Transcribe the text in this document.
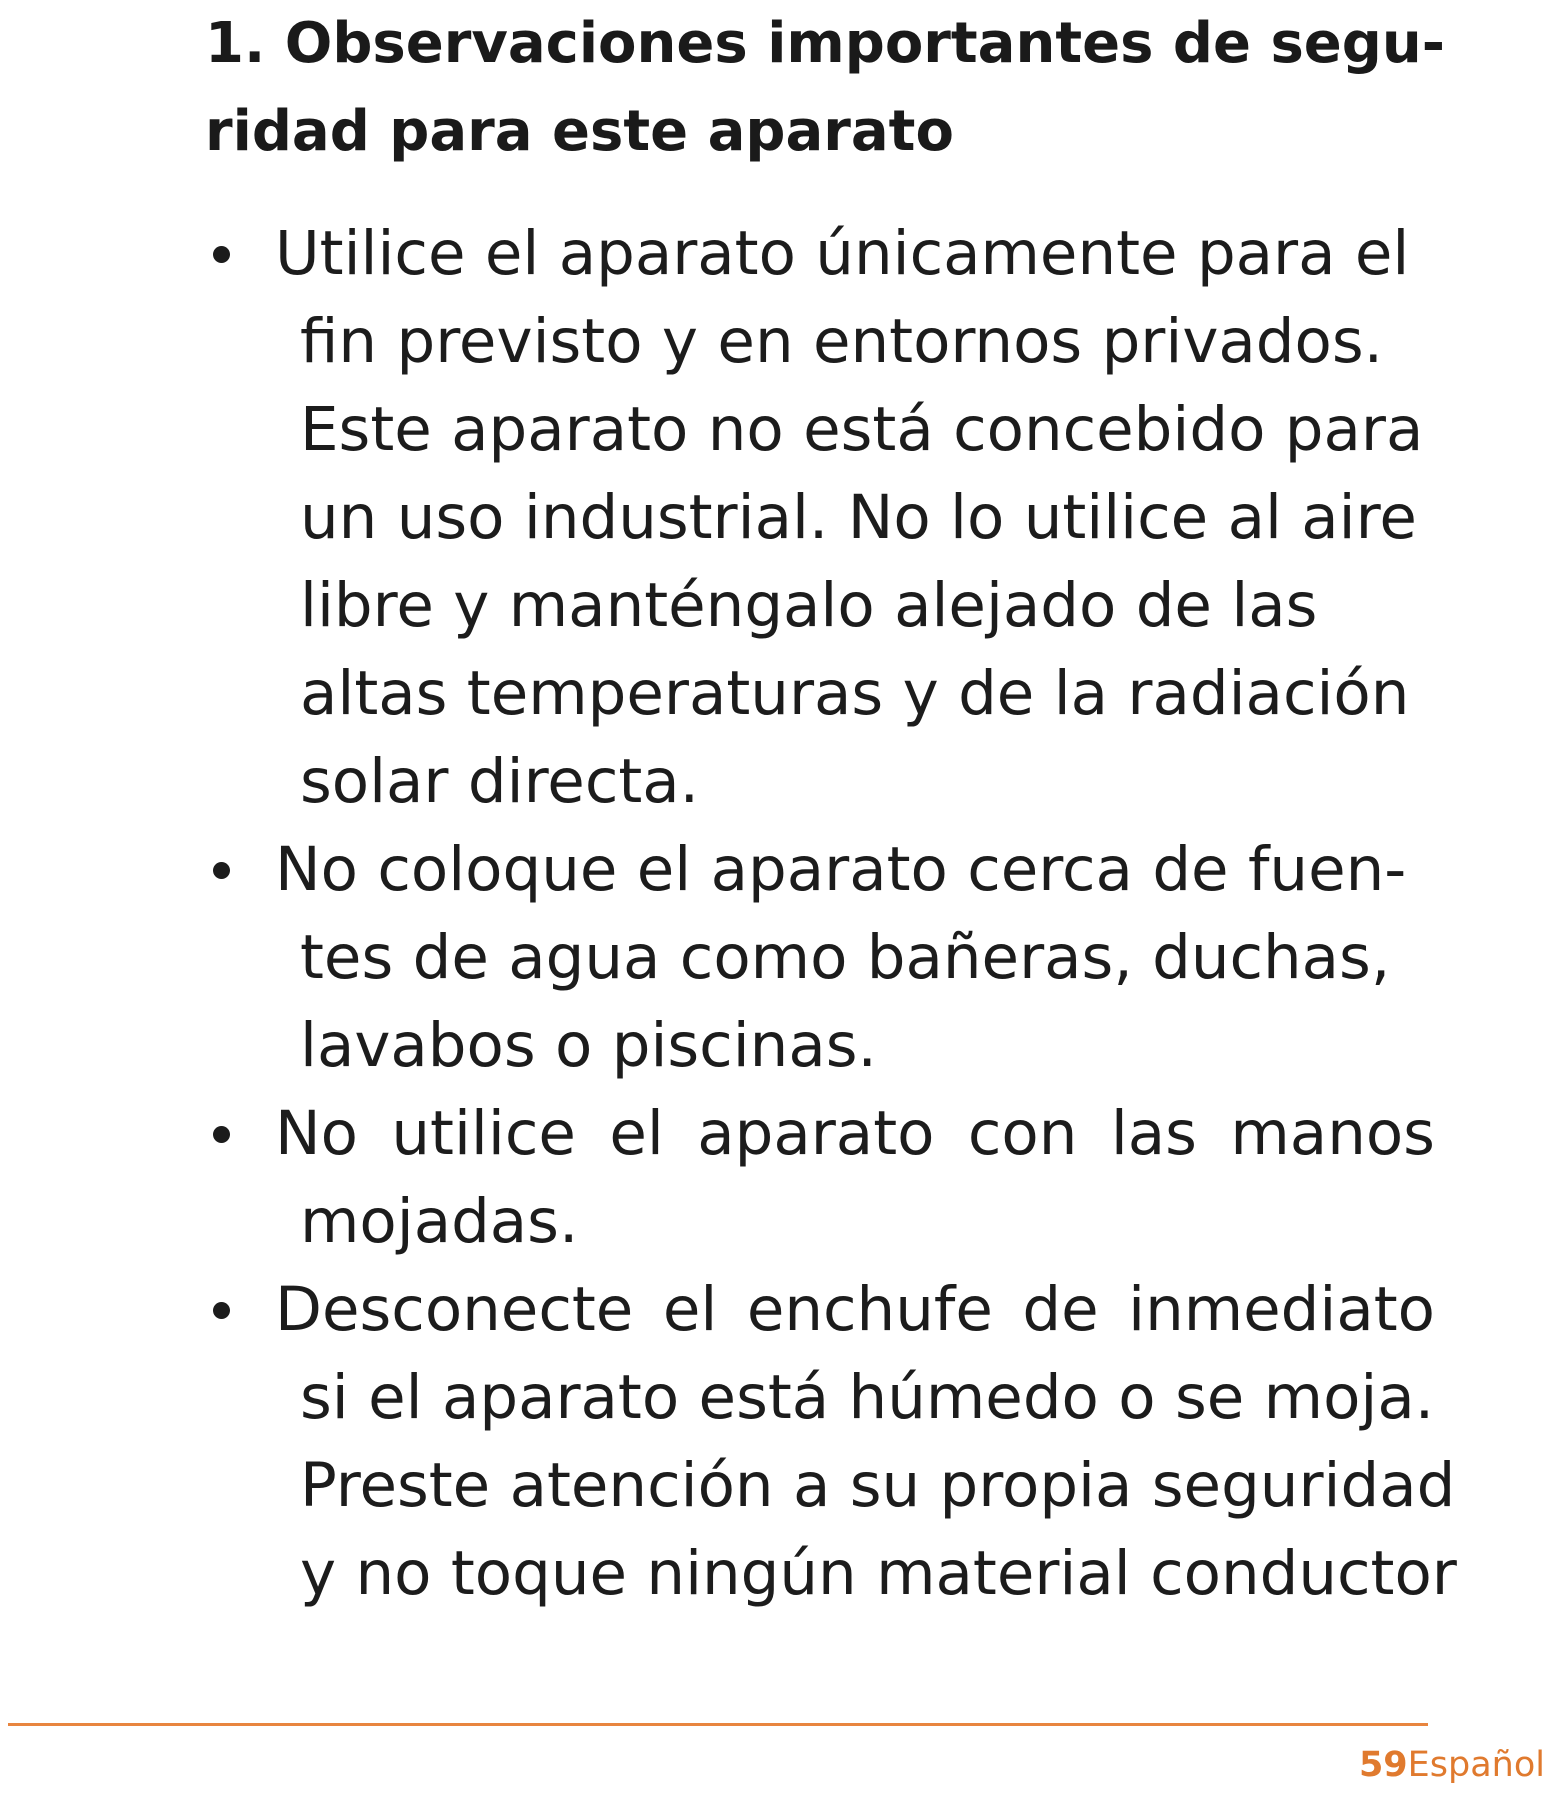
1. Observaciones importantes de segu-
ridad para este aparato
Utilice el aparato únicamente para el
fin previsto y en entornos privados.
Este aparato no está concebido para
un uso industrial. No lo utilice al aire
libre y manténgalo alejado de las
altas temperaturas y de la radiación
solar directa.
No coloque el aparato cerca de fuen-
tes de agua como bañeras, duchas,
lavabos o piscinas.
No utilice el aparato con las manos
mojadas.
Desconecte el enchufe de inmediato
si el aparato está húmedo o se moja.
Preste atención a su propia seguridad
y no toque ningún material conductor
59Español
